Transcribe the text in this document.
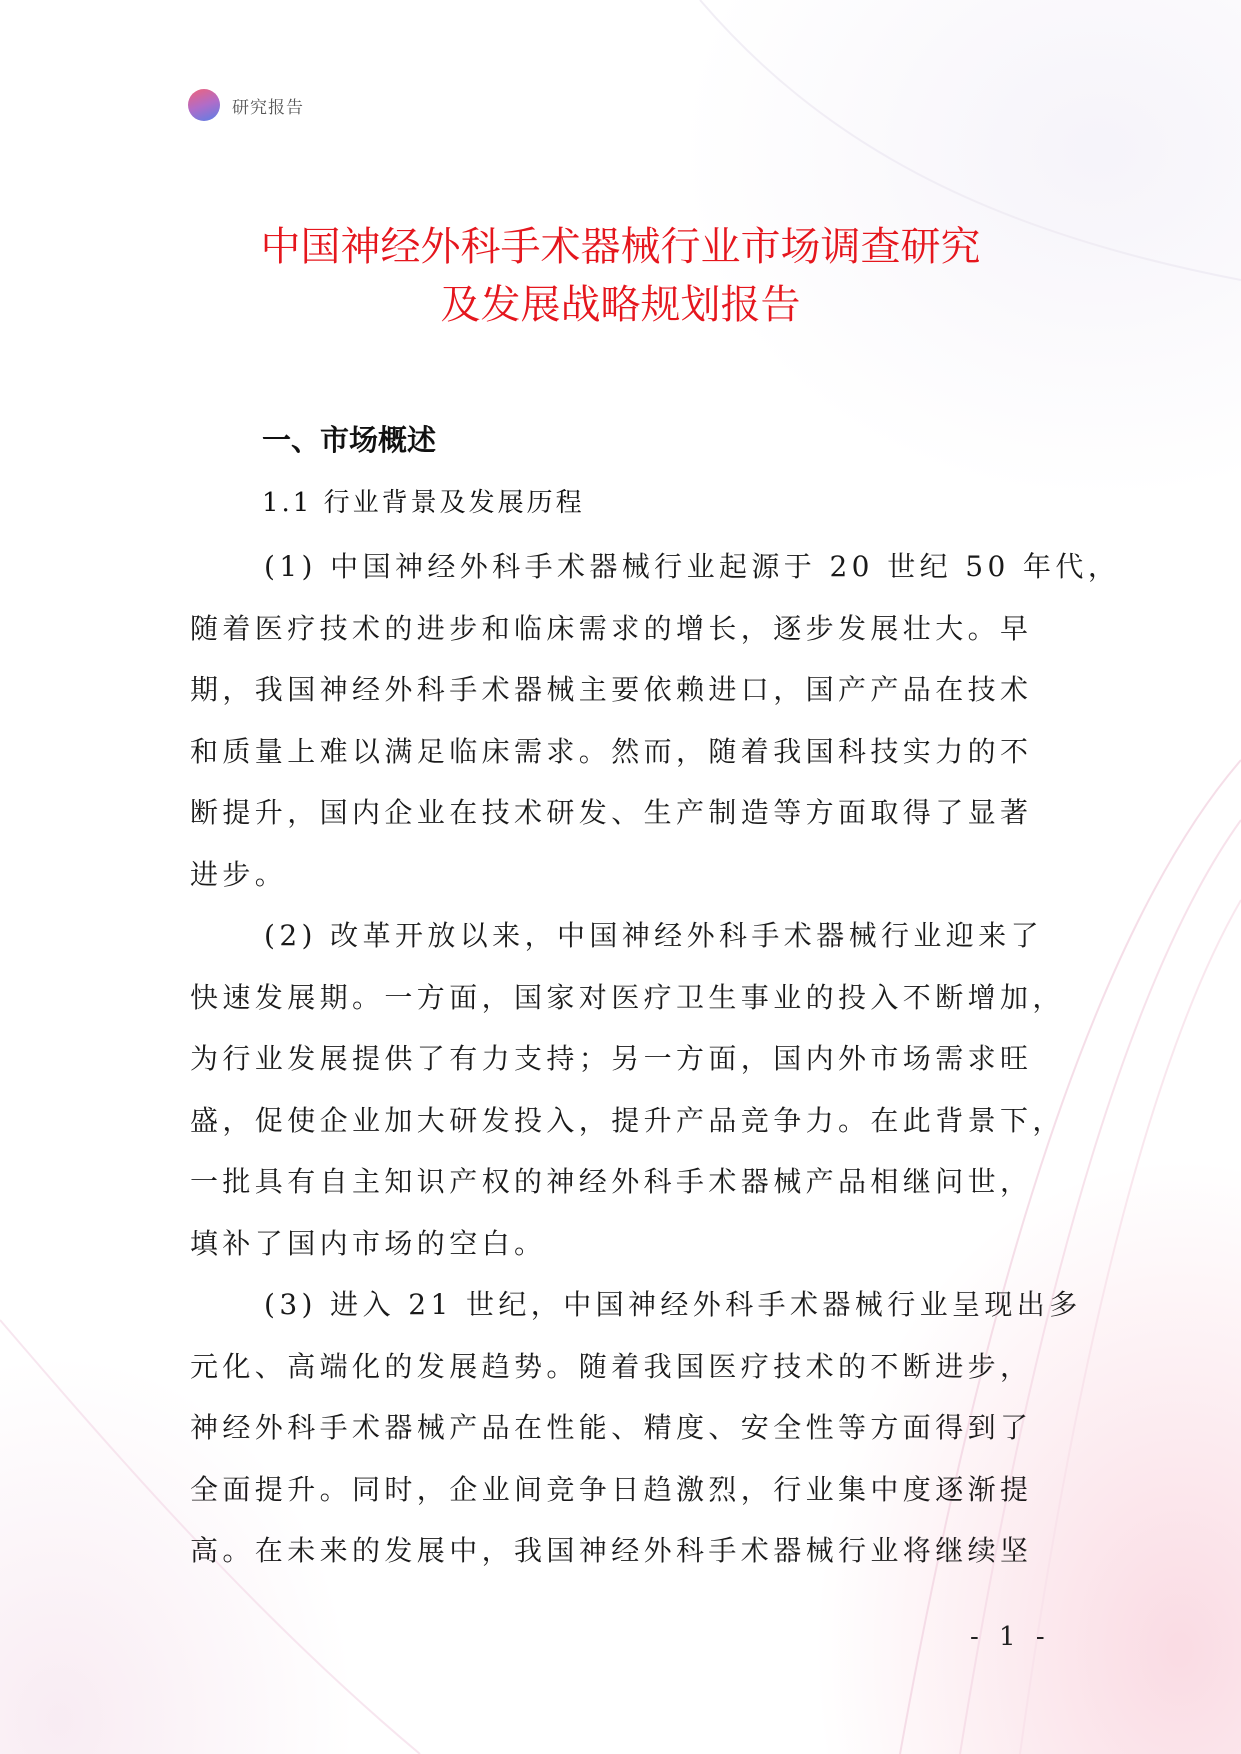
研究报告
中国神经外科手术器械行业市场调查研究
及发展战略规划报告
一、市场概述
1.1 行业背景及发展历程
(1) 中国神经外科手术器械行业起源于 20 世纪 50 年代，
随着医疗技术的进步和临床需求的增长，逐步发展壮大。早
期，我国神经外科手术器械主要依赖进口，国产产品在技术
和质量上难以满足临床需求。然而，随着我国科技实力的不
断提升，国内企业在技术研发、生产制造等方面取得了显著
进步。
(2) 改革开放以来，中国神经外科手术器械行业迎来了
快速发展期。一方面，国家对医疗卫生事业的投入不断增加，
为行业发展提供了有力支持；另一方面，国内外市场需求旺
盛，促使企业加大研发投入，提升产品竞争力。在此背景下，
一批具有自主知识产权的神经外科手术器械产品相继问世，
填补了国内市场的空白。
(3) 进入 21 世纪，中国神经外科手术器械行业呈现出多
元化、高端化的发展趋势。随着我国医疗技术的不断进步，
神经外科手术器械产品在性能、精度、安全性等方面得到了
全面提升。同时，企业间竞争日趋激烈，行业集中度逐渐提
高。在未来的发展中，我国神经外科手术器械行业将继续坚
- 1 -
